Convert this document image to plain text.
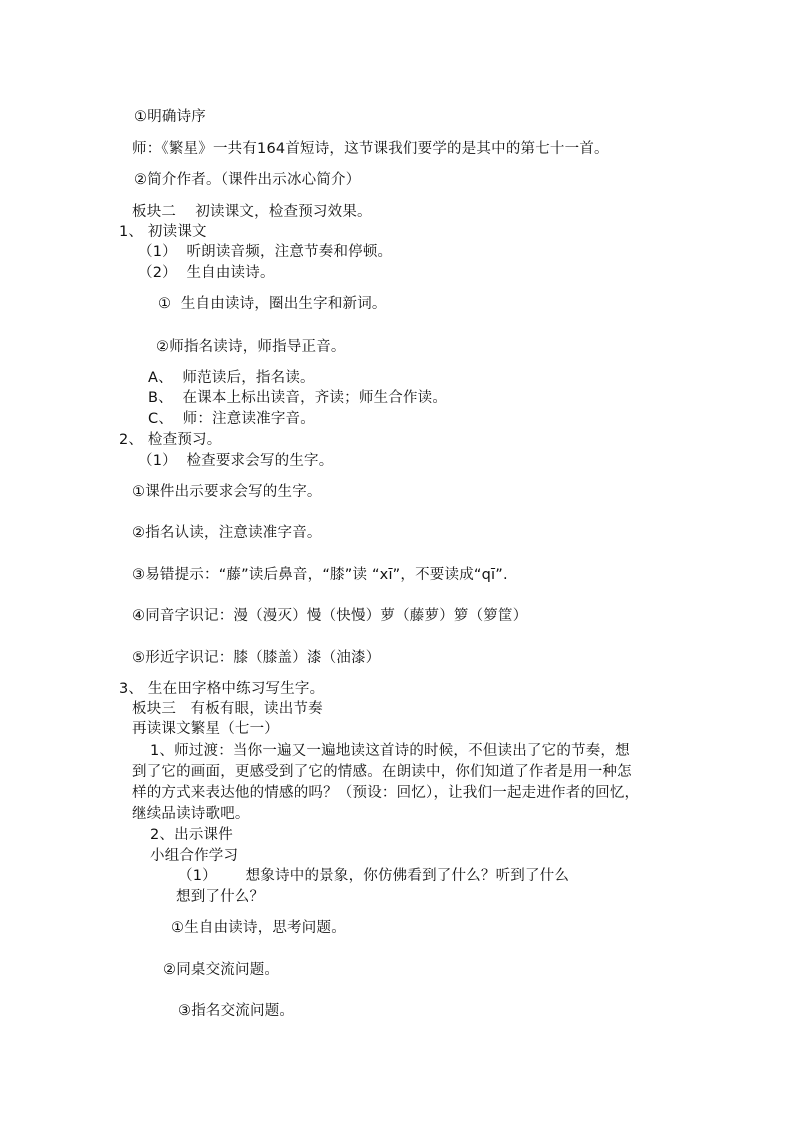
①明确诗序
师：《繁星》一共有164首短诗，这节课我们要学的是其中的第七十一首。
②简介作者。（课件出示冰心简介）
板块二    初读课文，检查预习效果。
1、 初读课文
（1）  听朗读音频，注意节奏和停顿。
（2）  生自由读诗。
①  生自由读诗，圈出生字和新词。
②师指名读诗，师指导正音。
A、  师范读后，指名读。
B、  在课本上标出读音，齐读；师生合作读。
C、  师：注意读准字音。
2、 检查预习。
（1）  检查要求会写的生字。
①课件出示要求会写的生字。
②指名认读，注意读准字音。
③易错提示：“藤”读后鼻音，“膝”读 “xī”，不要读成“qī”.
④同音字识记：漫（漫灭）慢（快慢）萝（藤萝）箩（箩筐）
⑤形近字识记：膝（膝盖）漆（油漆）
3、 生在田字格中练习写生字。
板块三   有板有眼，读出节奏
再读课文繁星（七一）
1、师过渡：当你一遍又一遍地读这首诗的时候，不但读出了它的节奏，想
到了它的画面，更感受到了它的情感。在朗读中，你们知道了作者是用一种怎
样的方式来表达他的情感的吗？（预设：回忆），让我们一起走进作者的回忆，
继续品读诗歌吧。
2、出示课件
小组合作学习
（1）      想象诗中的景象，你仿佛看到了什么？听到了什么
想到了什么？
①生自由读诗，思考问题。
②同桌交流问题。
③指名交流问题。
